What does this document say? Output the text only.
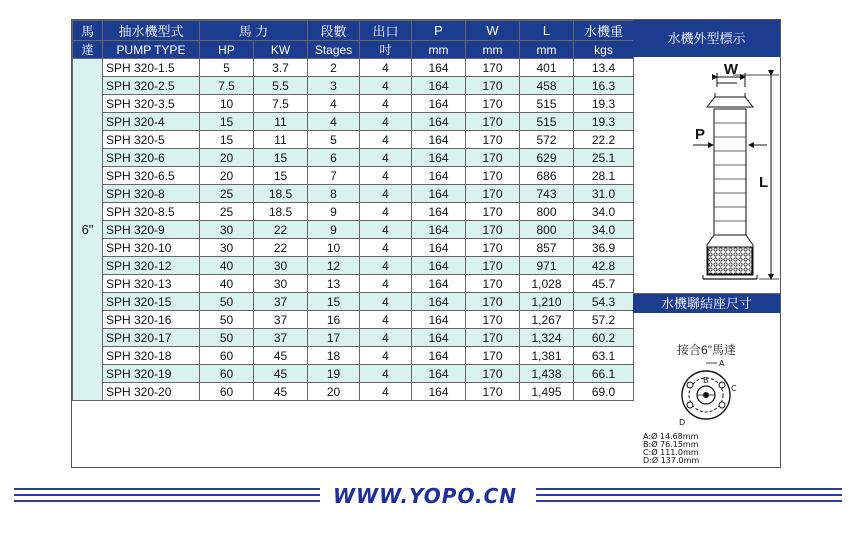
馬	抽水機型式	馬 力		段數	出口	P	W	L	水機重
達	PUMP TYPE	HP	KW	Stages	吋	mm	mm	mm	kgs
6"	SPH 320-1.5	5	3.7	2	4	164	170	401	13.4
	SPH 320-2.5	7.5	5.5	3	4	164	170	458	16.3
	SPH 320-3.5	10	7.5	4	4	164	170	515	19.3
	SPH 320-4	15	11	4	4	164	170	515	19.3
	SPH 320-5	15	11	5	4	164	170	572	22.2
	SPH 320-6	20	15	6	4	164	170	629	25.1
	SPH 320-6.5	20	15	7	4	164	170	686	28.1
	SPH 320-8	25	18.5	8	4	164	170	743	31.0
	SPH 320-8.5	25	18.5	9	4	164	170	800	34.0
	SPH 320-9	30	22	9	4	164	170	800	34.0
	SPH 320-10	30	22	10	4	164	170	857	36.9
	SPH 320-12	40	30	12	4	164	170	971	42.8
	SPH 320-13	40	30	13	4	164	170	1,028	45.7
	SPH 320-15	50	37	15	4	164	170	1,210	54.3
	SPH 320-16	50	37	16	4	164	170	1,267	57.2
	SPH 320-17	50	37	17	4	164	170	1,324	60.2
	SPH 320-18	60	45	18	4	164	170	1,381	63.1
	SPH 320-19	60	45	19	4	164	170	1,438	66.1
	SPH 320-20	60	45	20	4	164	170	1,495	69.0
水機外型標示
W
P
L
水機聯結座尺寸
接合6"馬達
A
B
C
D
A:Ø 14.68mm
B:Ø 76.15mm
C:Ø 111.0mm
D:Ø 137.0mm
WWW.YOPO.CN
